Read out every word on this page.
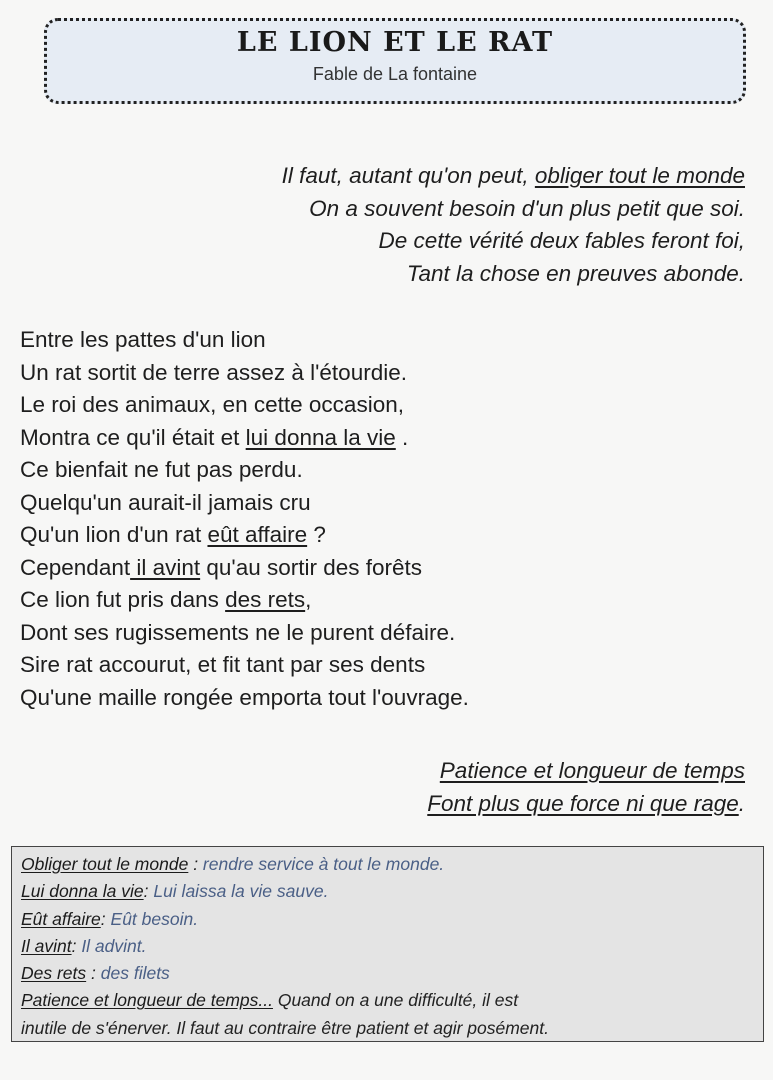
LE LION ET LE RAT
Fable de La fontaine
Il faut, autant qu'on peut, obliger tout le monde
On a souvent besoin d'un plus petit que soi.
De cette vérité deux fables feront foi,
Tant la chose en preuves abonde.
Entre les pattes d'un lion
Un rat sortit de terre assez à l'étourdie.
Le roi des animaux, en cette occasion,
Montra ce qu'il était et lui donna la vie .
Ce bienfait ne fut pas perdu.
Quelqu'un aurait-il jamais cru
Qu'un lion d'un rat eût affaire ?
Cependant il avint qu'au sortir des forêts
Ce lion fut pris dans des rets,
Dont ses rugissements ne le purent défaire.
Sire rat accourut, et fit tant par ses dents
Qu'une maille rongée emporta tout l'ouvrage.
Patience et longueur de temps
Font plus que force ni que rage.
Obliger tout le monde : rendre service à tout le monde.
Lui donna la vie: Lui laissa la vie sauve.
Eût affaire: Eût besoin.
Il avint: Il advint.
Des rets : des filets
Patience et longueur de temps... Quand on a une difficulté, il est
inutile de s'énerver. Il faut au contraire être patient et agir posément.
